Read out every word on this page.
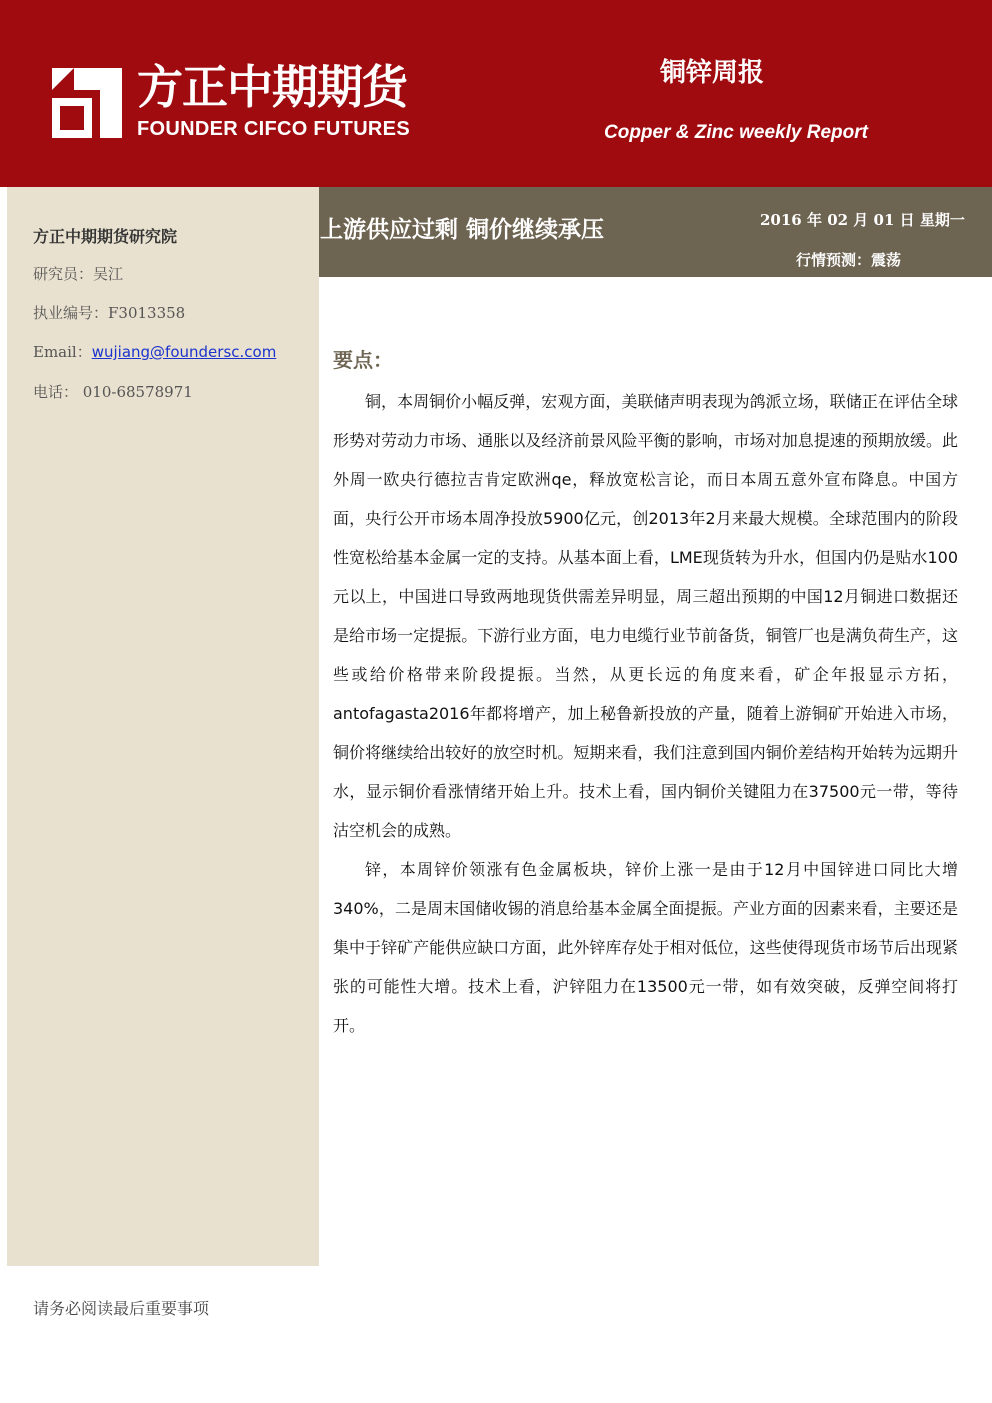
方正中期期货
FOUNDER CIFCO FUTURES
铜锌周报
Copper & Zinc weekly Report
方正中期期货研究院
研究员：吴江
执业编号：F3013358
Email：wujiang@foundersc.com
电话： 010-68578971
上游供应过剩 铜价继续承压	2016 年 02 月 01 日 星期一
行情预测：震荡
要点：

铜，本周铜价小幅反弹，宏观方面，美联储声明表现为鸽派立场，联储正在评估全球形势对劳动力市场、通胀以及经济前景风险平衡的影响，市场对加息提速的预期放缓。此外周一欧央行德拉吉肯定欧洲qe，释放宽松言论，而日本周五意外宣布降息。中国方面，央行公开市场本周净投放5900亿元，创2013年2月来最大规模。全球范围内的阶段性宽松给基本金属一定的支持。从基本面上看，LME现货转为升水，但国内仍是贴水100元以上，中国进口导致两地现货供需差异明显，周三超出预期的中国12月铜进口数据还是给市场一定提振。下游行业方面，电力电缆行业节前备货，铜管厂也是满负荷生产，这些或给价格带来阶段提振。当然，从更长远的角度来看，矿企年报显示方拓，antofagasta2016年都将增产，加上秘鲁新投放的产量，随着上游铜矿开始进入市场，铜价将继续给出较好的放空时机。短期来看，我们注意到国内铜价差结构开始转为远期升水，显示铜价看涨情绪开始上升。技术上看，国内铜价关键阻力在37500元一带，等待沽空机会的成熟。

锌，本周锌价领涨有色金属板块，锌价上涨一是由于12月中国锌进口同比大增340%，二是周末国储收锡的消息给基本金属全面提振。产业方面的因素来看，主要还是集中于锌矿产能供应缺口方面，此外锌库存处于相对低位，这些使得现货市场节后出现紧张的可能性大增。技术上看，沪锌阻力在13500元一带，如有效突破，反弹空间将打开。

请务必阅读最后重要事项
